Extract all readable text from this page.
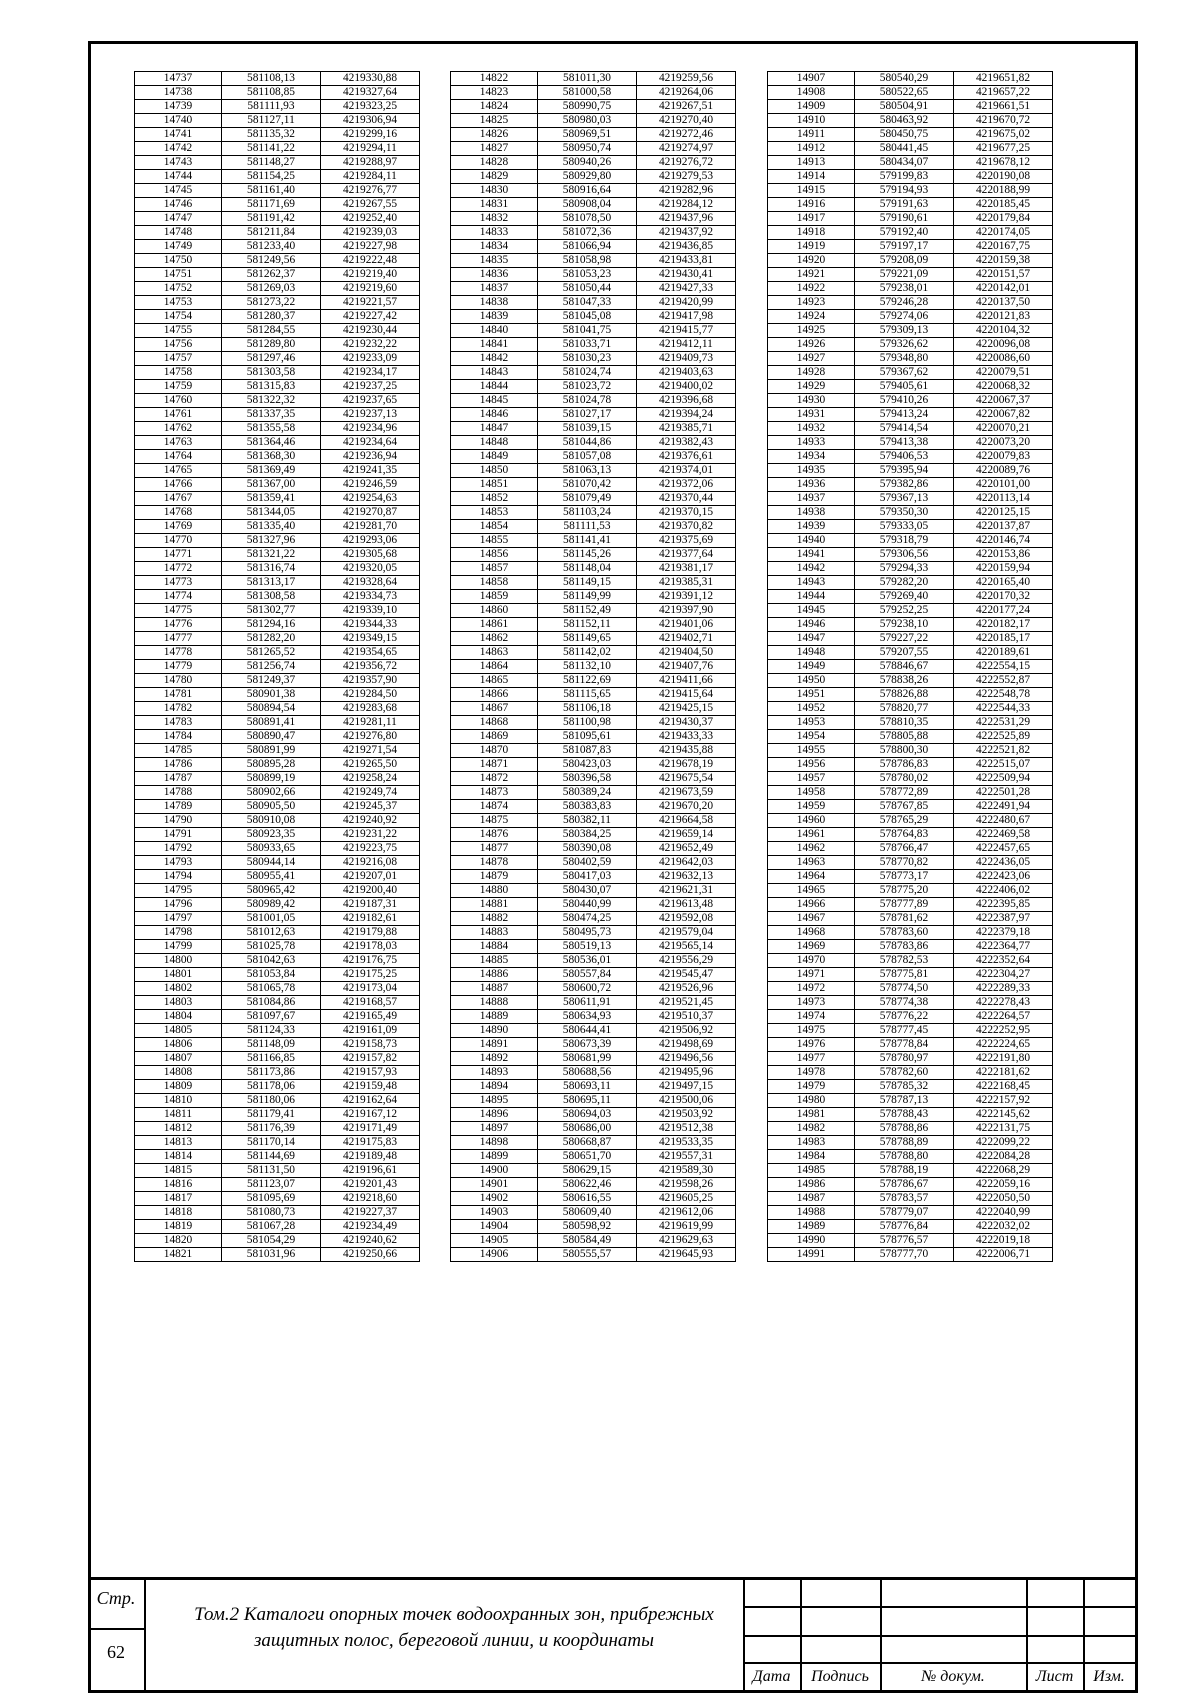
14737	581108,13	4219330,88
14738	581108,85	4219327,64
14739	581111,93	4219323,25
14740	581127,11	4219306,94
14741	581135,32	4219299,16
14742	581141,22	4219294,11
14743	581148,27	4219288,97
14744	581154,25	4219284,11
14745	581161,40	4219276,77
14746	581171,69	4219267,55
14747	581191,42	4219252,40
14748	581211,84	4219239,03
14749	581233,40	4219227,98
14750	581249,56	4219222,48
14751	581262,37	4219219,40
14752	581269,03	4219219,60
14753	581273,22	4219221,57
14754	581280,37	4219227,42
14755	581284,55	4219230,44
14756	581289,80	4219232,22
14757	581297,46	4219233,09
14758	581303,58	4219234,17
14759	581315,83	4219237,25
14760	581322,32	4219237,65
14761	581337,35	4219237,13
14762	581355,58	4219234,96
14763	581364,46	4219234,64
14764	581368,30	4219236,94
14765	581369,49	4219241,35
14766	581367,00	4219246,59
14767	581359,41	4219254,63
14768	581344,05	4219270,87
14769	581335,40	4219281,70
14770	581327,96	4219293,06
14771	581321,22	4219305,68
14772	581316,74	4219320,05
14773	581313,17	4219328,64
14774	581308,58	4219334,73
14775	581302,77	4219339,10
14776	581294,16	4219344,33
14777	581282,20	4219349,15
14778	581265,52	4219354,65
14779	581256,74	4219356,72
14780	581249,37	4219357,90
14781	580901,38	4219284,50
14782	580894,54	4219283,68
14783	580891,41	4219281,11
14784	580890,47	4219276,80
14785	580891,99	4219271,54
14786	580895,28	4219265,50
14787	580899,19	4219258,24
14788	580902,66	4219249,74
14789	580905,50	4219245,37
14790	580910,08	4219240,92
14791	580923,35	4219231,22
14792	580933,65	4219223,75
14793	580944,14	4219216,08
14794	580955,41	4219207,01
14795	580965,42	4219200,40
14796	580989,42	4219187,31
14797	581001,05	4219182,61
14798	581012,63	4219179,88
14799	581025,78	4219178,03
14800	581042,63	4219176,75
14801	581053,84	4219175,25
14802	581065,78	4219173,04
14803	581084,86	4219168,57
14804	581097,67	4219165,49
14805	581124,33	4219161,09
14806	581148,09	4219158,73
14807	581166,85	4219157,82
14808	581173,86	4219157,93
14809	581178,06	4219159,48
14810	581180,06	4219162,64
14811	581179,41	4219167,12
14812	581176,39	4219171,49
14813	581170,14	4219175,83
14814	581144,69	4219189,48
14815	581131,50	4219196,61
14816	581123,07	4219201,43
14817	581095,69	4219218,60
14818	581080,73	4219227,37
14819	581067,28	4219234,49
14820	581054,29	4219240,62
14821	581031,96	4219250,66
14822	581011,30	4219259,56
14823	581000,58	4219264,06
14824	580990,75	4219267,51
14825	580980,03	4219270,40
14826	580969,51	4219272,46
14827	580950,74	4219274,97
14828	580940,26	4219276,72
14829	580929,80	4219279,53
14830	580916,64	4219282,96
14831	580908,04	4219284,12
14832	581078,50	4219437,96
14833	581072,36	4219437,92
14834	581066,94	4219436,85
14835	581058,98	4219433,81
14836	581053,23	4219430,41
14837	581050,44	4219427,33
14838	581047,33	4219420,99
14839	581045,08	4219417,98
14840	581041,75	4219415,77
14841	581033,71	4219412,11
14842	581030,23	4219409,73
14843	581024,74	4219403,63
14844	581023,72	4219400,02
14845	581024,78	4219396,68
14846	581027,17	4219394,24
14847	581039,15	4219385,71
14848	581044,86	4219382,43
14849	581057,08	4219376,61
14850	581063,13	4219374,01
14851	581070,42	4219372,06
14852	581079,49	4219370,44
14853	581103,24	4219370,15
14854	581111,53	4219370,82
14855	581141,41	4219375,69
14856	581145,26	4219377,64
14857	581148,04	4219381,17
14858	581149,15	4219385,31
14859	581149,99	4219391,12
14860	581152,49	4219397,90
14861	581152,11	4219401,06
14862	581149,65	4219402,71
14863	581142,02	4219404,50
14864	581132,10	4219407,76
14865	581122,69	4219411,66
14866	581115,65	4219415,64
14867	581106,18	4219425,15
14868	581100,98	4219430,37
14869	581095,61	4219433,33
14870	581087,83	4219435,88
14871	580423,03	4219678,19
14872	580396,58	4219675,54
14873	580389,24	4219673,59
14874	580383,83	4219670,20
14875	580382,11	4219664,58
14876	580384,25	4219659,14
14877	580390,08	4219652,49
14878	580402,59	4219642,03
14879	580417,03	4219632,13
14880	580430,07	4219621,31
14881	580440,99	4219613,48
14882	580474,25	4219592,08
14883	580495,73	4219579,04
14884	580519,13	4219565,14
14885	580536,01	4219556,29
14886	580557,84	4219545,47
14887	580600,72	4219526,96
14888	580611,91	4219521,45
14889	580634,93	4219510,37
14890	580644,41	4219506,92
14891	580673,39	4219498,69
14892	580681,99	4219496,56
14893	580688,56	4219495,96
14894	580693,11	4219497,15
14895	580695,11	4219500,06
14896	580694,03	4219503,92
14897	580686,00	4219512,38
14898	580668,87	4219533,35
14899	580651,70	4219557,31
14900	580629,15	4219589,30
14901	580622,46	4219598,26
14902	580616,55	4219605,25
14903	580609,40	4219612,06
14904	580598,92	4219619,99
14905	580584,49	4219629,63
14906	580555,57	4219645,93
14907	580540,29	4219651,82
14908	580522,65	4219657,22
14909	580504,91	4219661,51
14910	580463,92	4219670,72
14911	580450,75	4219675,02
14912	580441,45	4219677,25
14913	580434,07	4219678,12
14914	579199,83	4220190,08
14915	579194,93	4220188,99
14916	579191,63	4220185,45
14917	579190,61	4220179,84
14918	579192,40	4220174,05
14919	579197,17	4220167,75
14920	579208,09	4220159,38
14921	579221,09	4220151,57
14922	579238,01	4220142,01
14923	579246,28	4220137,50
14924	579274,06	4220121,83
14925	579309,13	4220104,32
14926	579326,62	4220096,08
14927	579348,80	4220086,60
14928	579367,62	4220079,51
14929	579405,61	4220068,32
14930	579410,26	4220067,37
14931	579413,24	4220067,82
14932	579414,54	4220070,21
14933	579413,38	4220073,20
14934	579406,53	4220079,83
14935	579395,94	4220089,76
14936	579382,86	4220101,00
14937	579367,13	4220113,14
14938	579350,30	4220125,15
14939	579333,05	4220137,87
14940	579318,79	4220146,74
14941	579306,56	4220153,86
14942	579294,33	4220159,94
14943	579282,20	4220165,40
14944	579269,40	4220170,32
14945	579252,25	4220177,24
14946	579238,10	4220182,17
14947	579227,22	4220185,17
14948	579207,55	4220189,61
14949	578846,67	4222554,15
14950	578838,26	4222552,87
14951	578826,88	4222548,78
14952	578820,77	4222544,33
14953	578810,35	4222531,29
14954	578805,88	4222525,89
14955	578800,30	4222521,82
14956	578786,83	4222515,07
14957	578780,02	4222509,94
14958	578772,89	4222501,28
14959	578767,85	4222491,94
14960	578765,29	4222480,67
14961	578764,83	4222469,58
14962	578766,47	4222457,65
14963	578770,82	4222436,05
14964	578773,17	4222423,06
14965	578775,20	4222406,02
14966	578777,89	4222395,85
14967	578781,62	4222387,97
14968	578783,60	4222379,18
14969	578783,86	4222364,77
14970	578782,53	4222352,64
14971	578775,81	4222304,27
14972	578774,50	4222289,33
14973	578774,38	4222278,43
14974	578776,22	4222264,57
14975	578777,45	4222252,95
14976	578778,84	4222224,65
14977	578780,97	4222191,80
14978	578782,60	4222181,62
14979	578785,32	4222168,45
14980	578787,13	4222157,92
14981	578788,43	4222145,62
14982	578788,86	4222131,75
14983	578788,89	4222099,22
14984	578788,80	4222084,28
14985	578788,19	4222068,29
14986	578786,67	4222059,16
14987	578783,57	4222050,50
14988	578779,07	4222040,99
14989	578776,84	4222032,02
14990	578776,57	4222019,18
14991	578777,70	4222006,71
Стр.
62
Том.2 Каталоги опорных точек водоохранных зон, прибрежных
защитных полос, береговой линии, и координаты
Дата	Подпись	№ докум.	Лист	Изм.
